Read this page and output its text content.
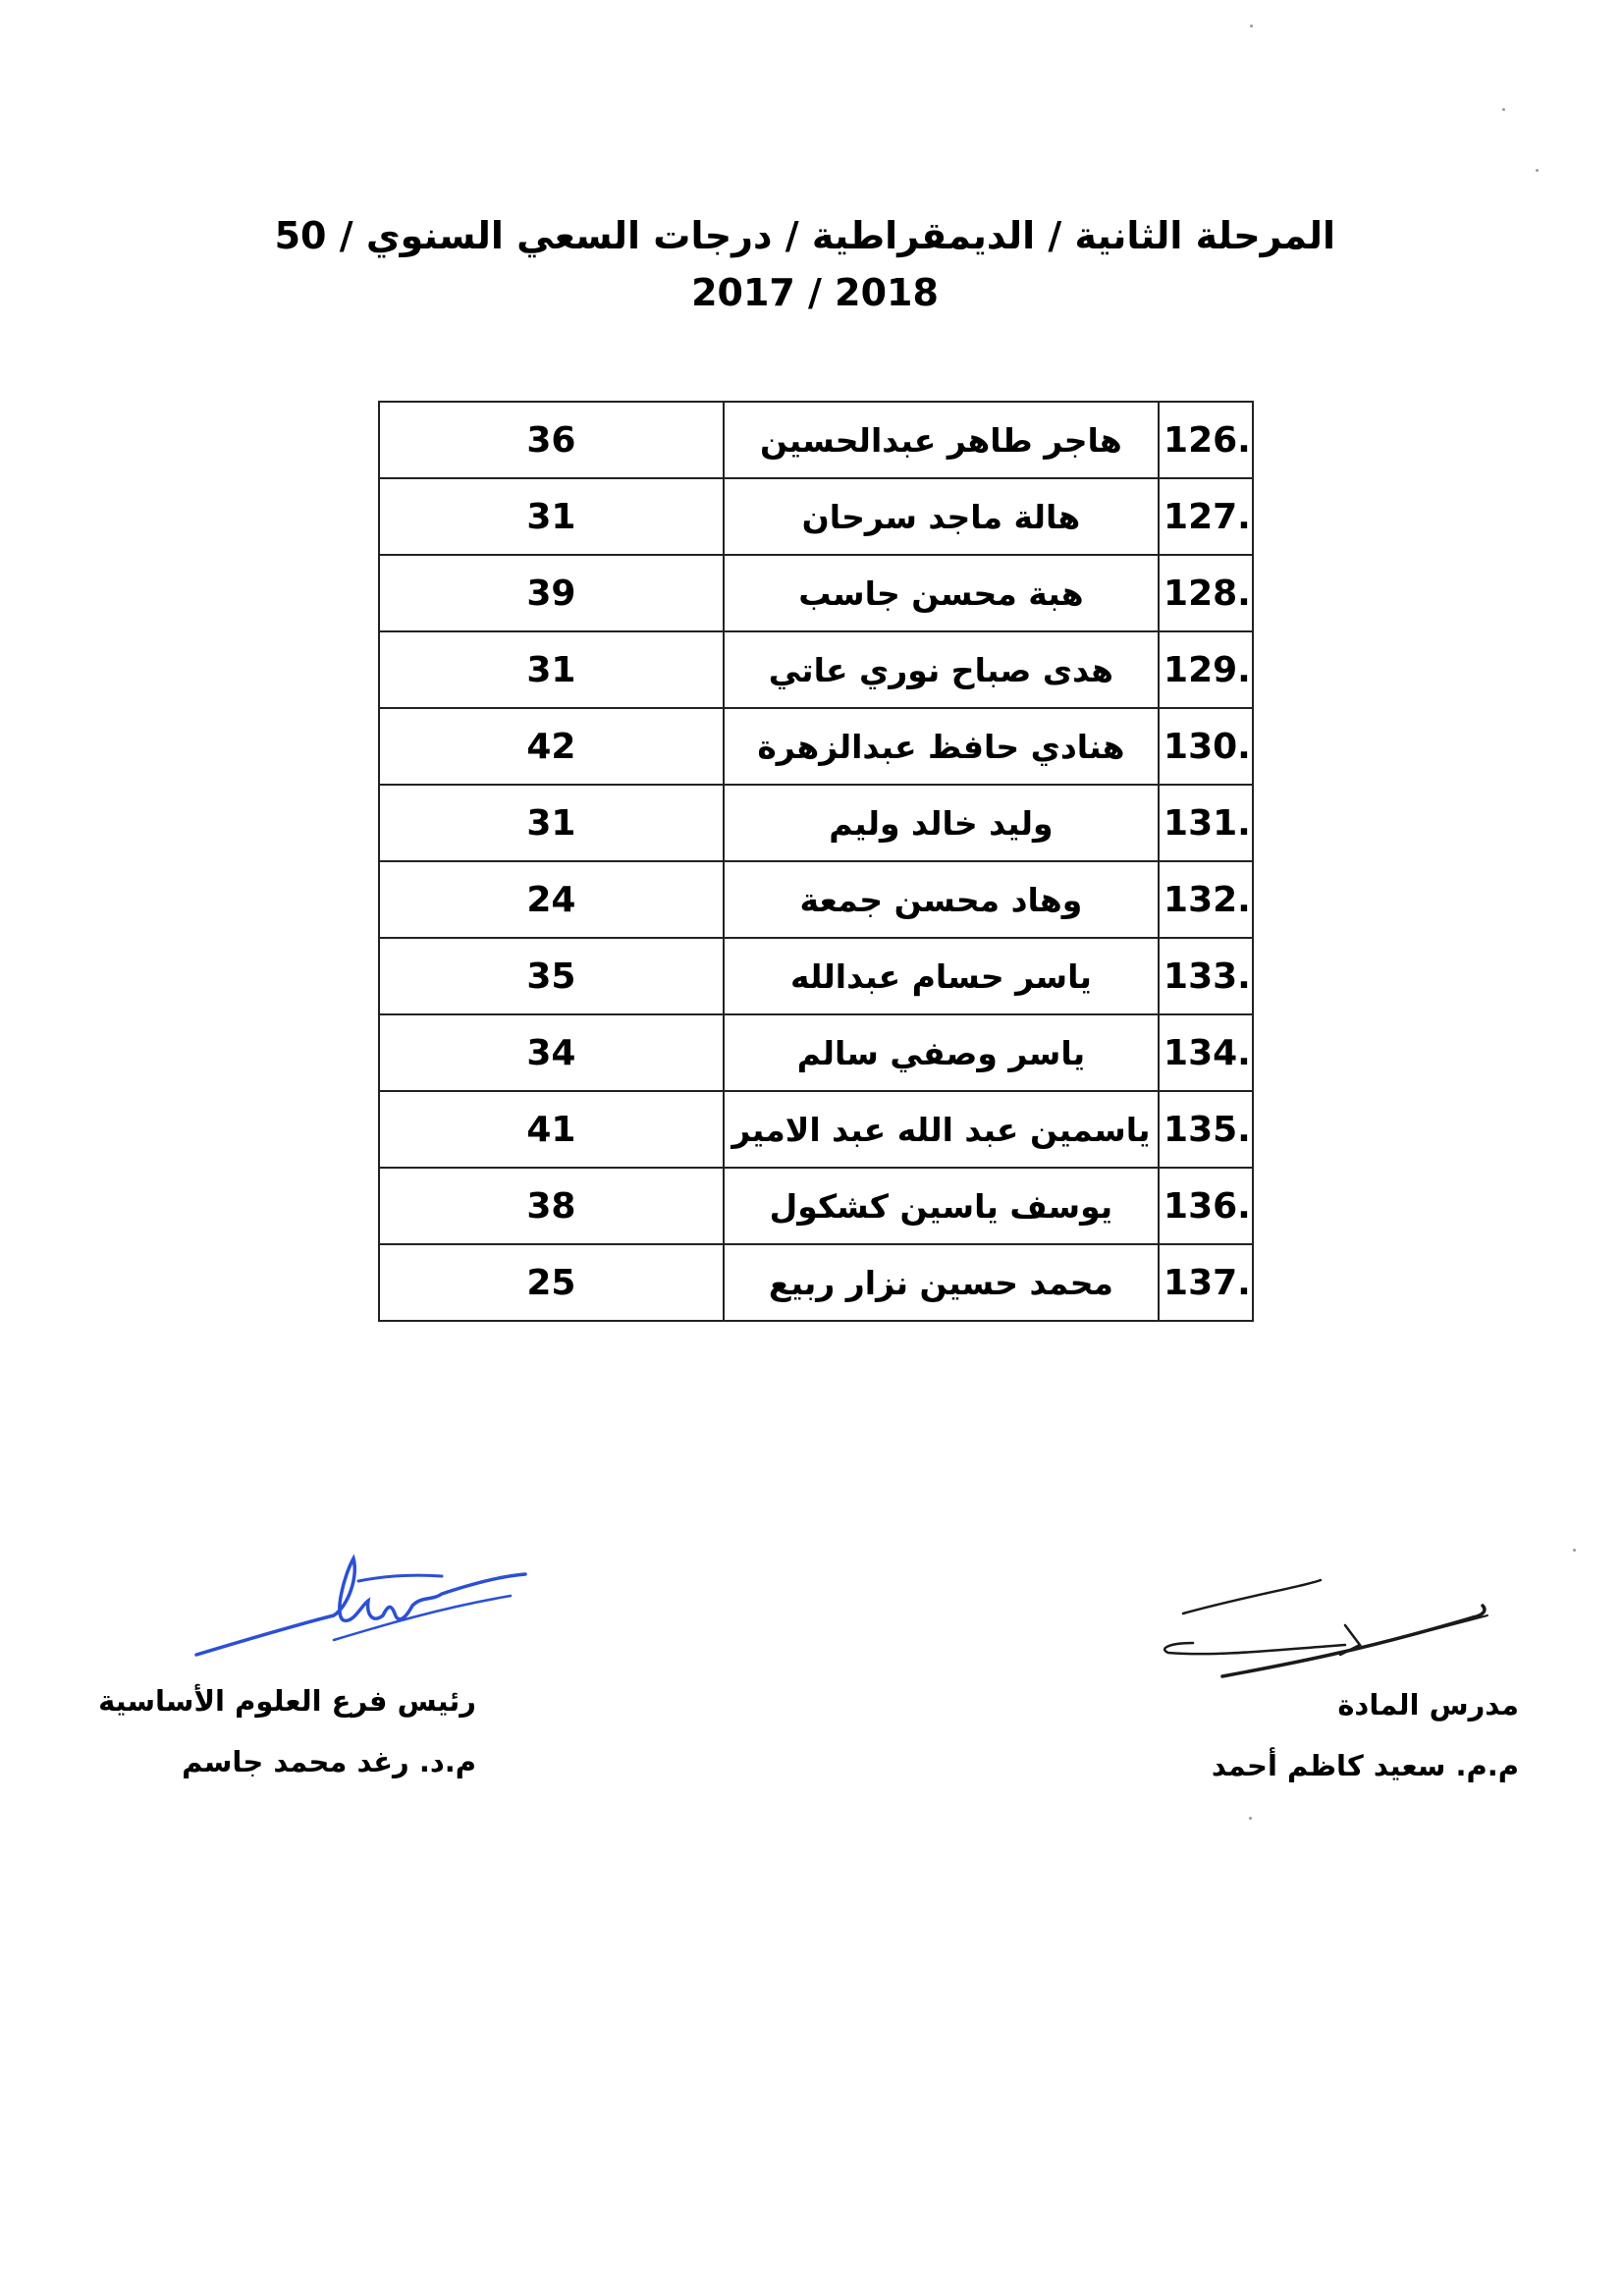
المرحلة الثانية / الديمقراطية / درجات السعي السنوي / 50
2017 / 2018
126.	هاجر طاهر عبدالحسين	36
127.	هالة ماجد سرحان	31
128.	هبة محسن جاسب	39
129.	هدى صباح نوري عاتي	31
130.	هنادي حافظ عبدالزهرة	42
131.	وليد خالد وليم	31
132.	وهاد محسن جمعة	24
133.	ياسر حسام عبدالله	35
134.	ياسر وصفي سالم	34
135.	ياسمين عبد الله عبد الامير	41
136.	يوسف ياسين كشكول	38
137.	محمد حسين نزار ربيع	25
رئيس فرع العلوم الأساسية
م.د. رغد محمد جاسم
مدرس المادة
م.م. سعيد كاظم أحمد
